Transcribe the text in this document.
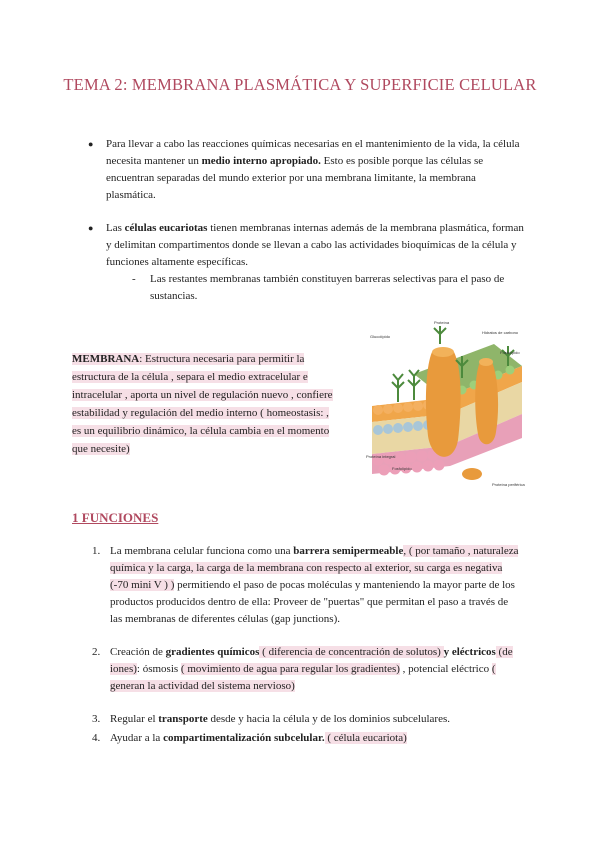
TEMA 2: MEMBRANA PLASMÁTICA Y SUPERFICIE CELULAR
● Para llevar a cabo las reacciones químicas necesarias en el mantenimiento de la vida, la célula necesita mantener un medio interno apropiado. Esto es posible porque las células se encuentran separadas del mundo exterior por una membrana limitante, la membrana plasmática.
● Las células eucariotas tienen membranas internas además de la membrana plasmática, forman y delimitan compartimentos donde se llevan a cabo las actividades bioquímicas de la célula y funciones altamente específicas.
- Las restantes membranas también constituyen barreras selectivas para el paso de sustancias.
MEMBRANA: Estructura necesaria para permitir la estructura de la célula , separa el medio extracelular e intracelular , aporta un nivel de regulación nuevo , confiere estabilidad y regulación del medio interno ( homeostasis: , es un equilibrio dinámico, la célula cambia en el momento que necesite)
Glucolípido
Proteína
Hidratos de carbono
Fosfolípido
Proteína integral
Fosfolípido
Proteína periférica
1 FUNCIONES
1. La membrana celular funciona como una barrera semipermeable, ( por tamaño , naturaleza química y la carga, la carga de la membrana con respecto al exterior, su carga es negativa (-70 mini V ) ) permitiendo el paso de pocas moléculas y manteniendo la mayor parte de los productos producidos dentro de ella: Proveer de "puertas" que permitan el paso a través de las membranas de diferentes células (gap junctions).
2. Creación de gradientes químicos ( diferencia de concentración de solutos) y eléctricos (de iones): ósmosis ( movimiento de agua para regular los gradientes) , potencial eléctrico ( generan la actividad del sistema nervioso)
3. Regular el transporte desde y hacia la célula y de los dominios subcelulares.
4. Ayudar a la compartimentalización subcelular. ( célula eucariota)
